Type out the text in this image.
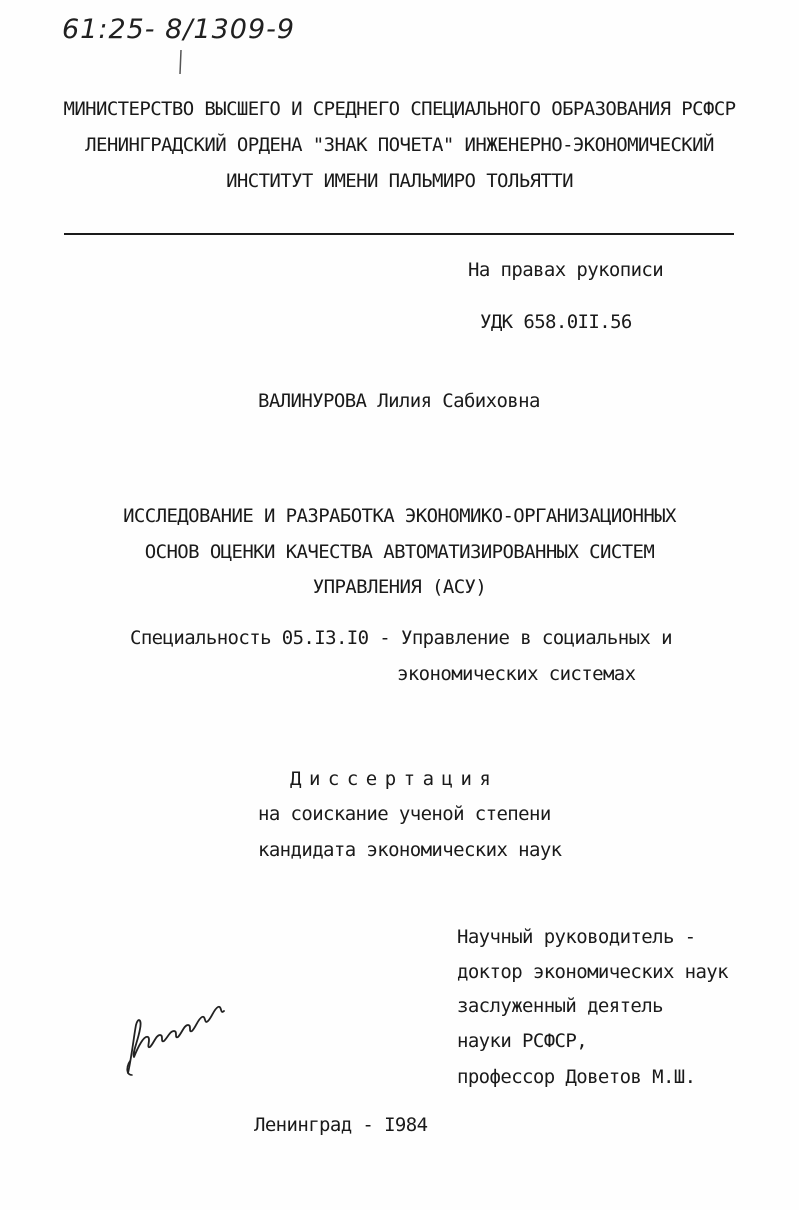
61:25- 8/1309-9
МИНИСТЕРСТВО ВЫСШЕГО И СРЕДНЕГО СПЕЦИАЛЬНОГО ОБРАЗОВАНИЯ РСФСР
ЛЕНИНГРАДСКИЙ ОРДЕНА "ЗНАК ПОЧЕТА" ИНЖЕНЕРНО-ЭКОНОМИЧЕСКИЙ
ИНСТИТУТ ИМЕНИ ПАЛЬМИРО ТОЛЬЯТТИ
На правах рукописи
УДК 658.0II.56
ВАЛИНУРОВА Лилия Сабиховна
ИССЛЕДОВАНИЕ И РАЗРАБОТКА ЭКОНОМИКО-ОРГАНИЗАЦИОННЫХ
ОСНОВ ОЦЕНКИ КАЧЕСТВА АВТОМАТИЗИРОВАННЫХ СИСТЕМ
УПРАВЛЕНИЯ (АСУ)
Специальность 05.I3.I0 - Управление в социальных и
экономических системах
Диссертация
на соискание ученой степени
кандидата экономических наук
Научный руководитель -
доктор экономических наук
заслуженный деятель
науки РСФСР,
профессор Доветов М.Ш.
Ленинград - I984
